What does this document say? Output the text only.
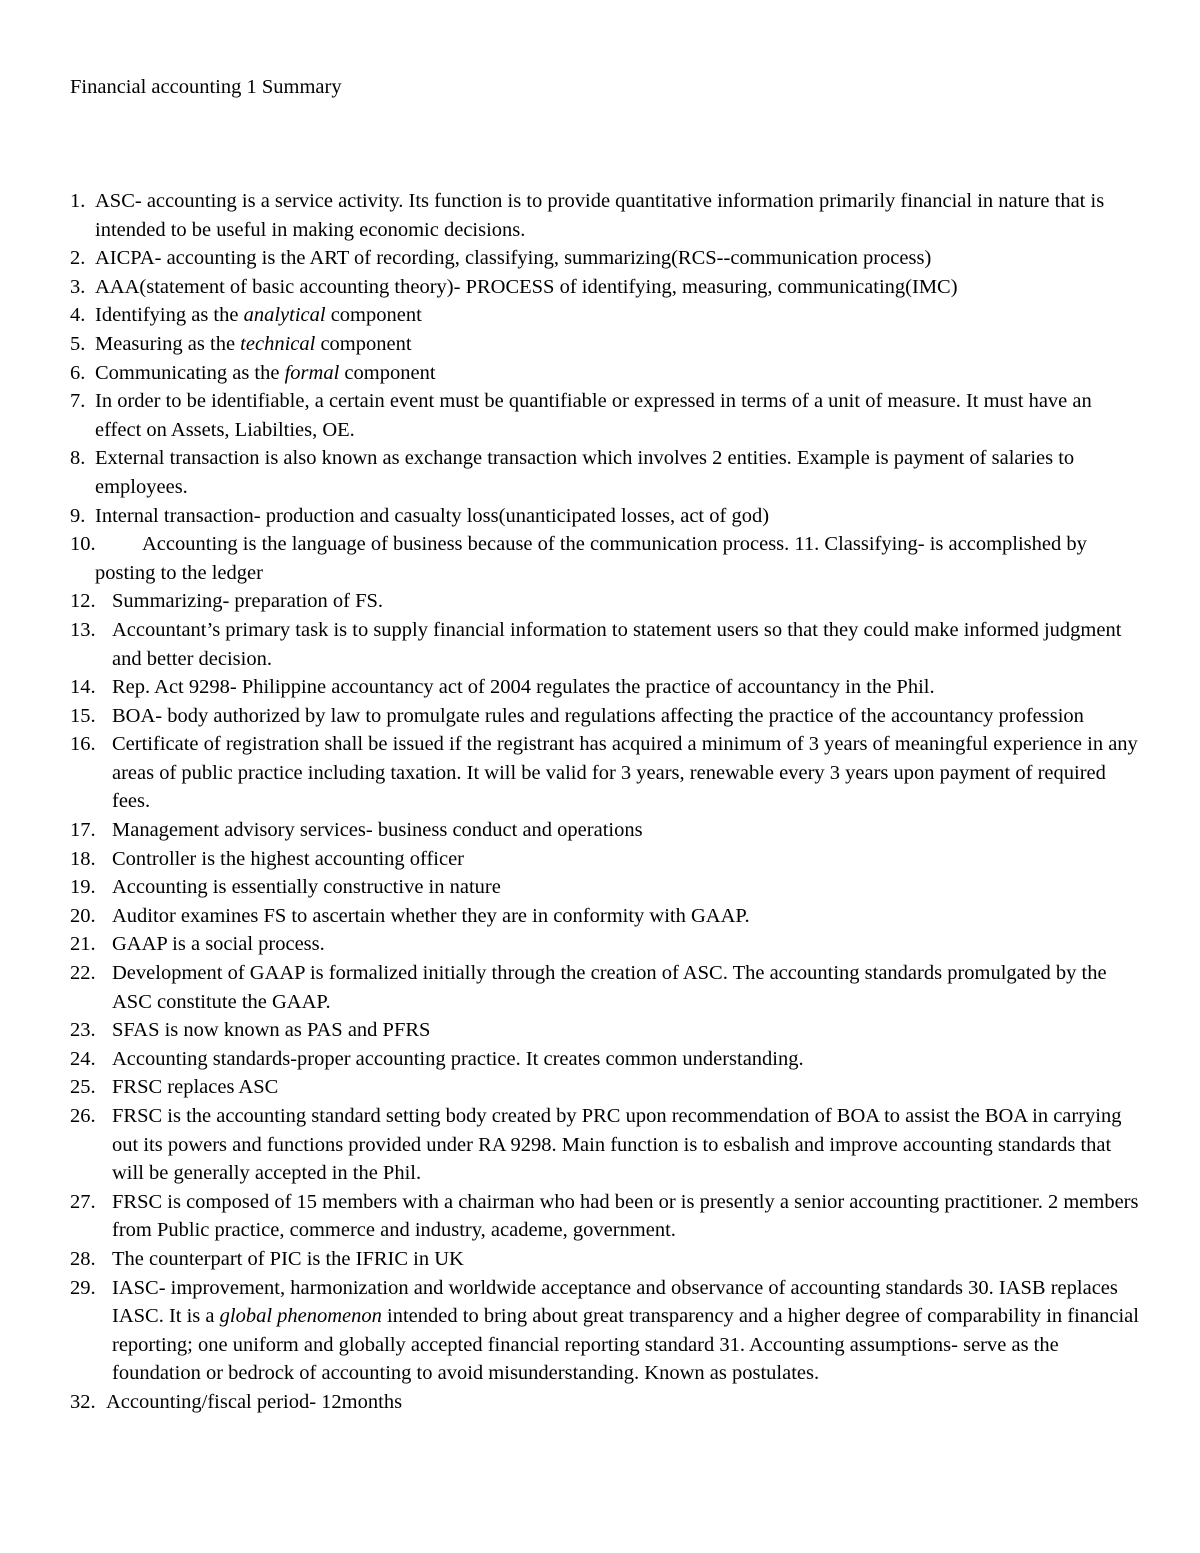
Financial accounting 1 Summary
1. ASC- accounting is a service activity. Its function is to provide quantitative information primarily financial in nature that is intended to be useful in making economic decisions.
2. AICPA- accounting is the ART of recording, classifying, summarizing(RCS--communication process)
3. AAA(statement of basic accounting theory)- PROCESS of identifying, measuring, communicating(IMC)
4. Identifying as the analytical component
5. Measuring as the technical component
6. Communicating as the formal component
7. In order to be identifiable, a certain event must be quantifiable or expressed in terms of a unit of measure. It must have an effect on Assets, Liabilties, OE.
8. External transaction is also known as exchange transaction which involves 2 entities. Example is payment of salaries to employees.
9. Internal transaction- production and casualty loss(unanticipated losses, act of god)
10.	Accounting is the language of business because of the communication process. 11. Classifying- is accomplished by posting to the ledger
12. Summarizing- preparation of FS.
13. Accountant’s primary task is to supply financial information to statement users so that they could make informed judgment and better decision.
14. Rep. Act 9298- Philippine accountancy act of 2004 regulates the practice of accountancy in the Phil.
15. BOA- body authorized by law to promulgate rules and regulations affecting the practice of the accountancy profession
16. Certificate of registration shall be issued if the registrant has acquired a minimum of 3 years of meaningful experience in any areas of public practice including taxation. It will be valid for 3 years, renewable every 3 years upon payment of required fees.
17. Management advisory services- business conduct and operations
18. Controller is the highest accounting officer
19. Accounting is essentially constructive in nature
20. Auditor examines FS to ascertain whether they are in conformity with GAAP.
21. GAAP is a social process.
22. Development of GAAP is formalized initially through the creation of ASC. The accounting standards promulgated by the ASC constitute the GAAP.
23. SFAS is now known as PAS and PFRS
24. Accounting standards-proper accounting practice. It creates common understanding.
25. FRSC replaces ASC
26. FRSC is the accounting standard setting body created by PRC upon recommendation of BOA to assist the BOA in carrying out its powers and functions provided under RA 9298. Main function is to esbalish and improve accounting standards that will be generally accepted in the Phil.
27. FRSC is composed of 15 members with a chairman who had been or is presently a senior accounting practitioner. 2 members from Public practice, commerce and industry, academe, government.
28. The counterpart of PIC is the IFRIC in UK
29. IASC- improvement, harmonization and worldwide acceptance and observance of accounting standards 30. IASB replaces IASC. It is a global phenomenon intended to bring about great transparency and a higher degree of comparability in financial reporting; one uniform and globally accepted financial reporting standard 31. Accounting assumptions- serve as the foundation or bedrock of accounting to avoid misunderstanding. Known as postulates.
32. Accounting/fiscal period- 12months
